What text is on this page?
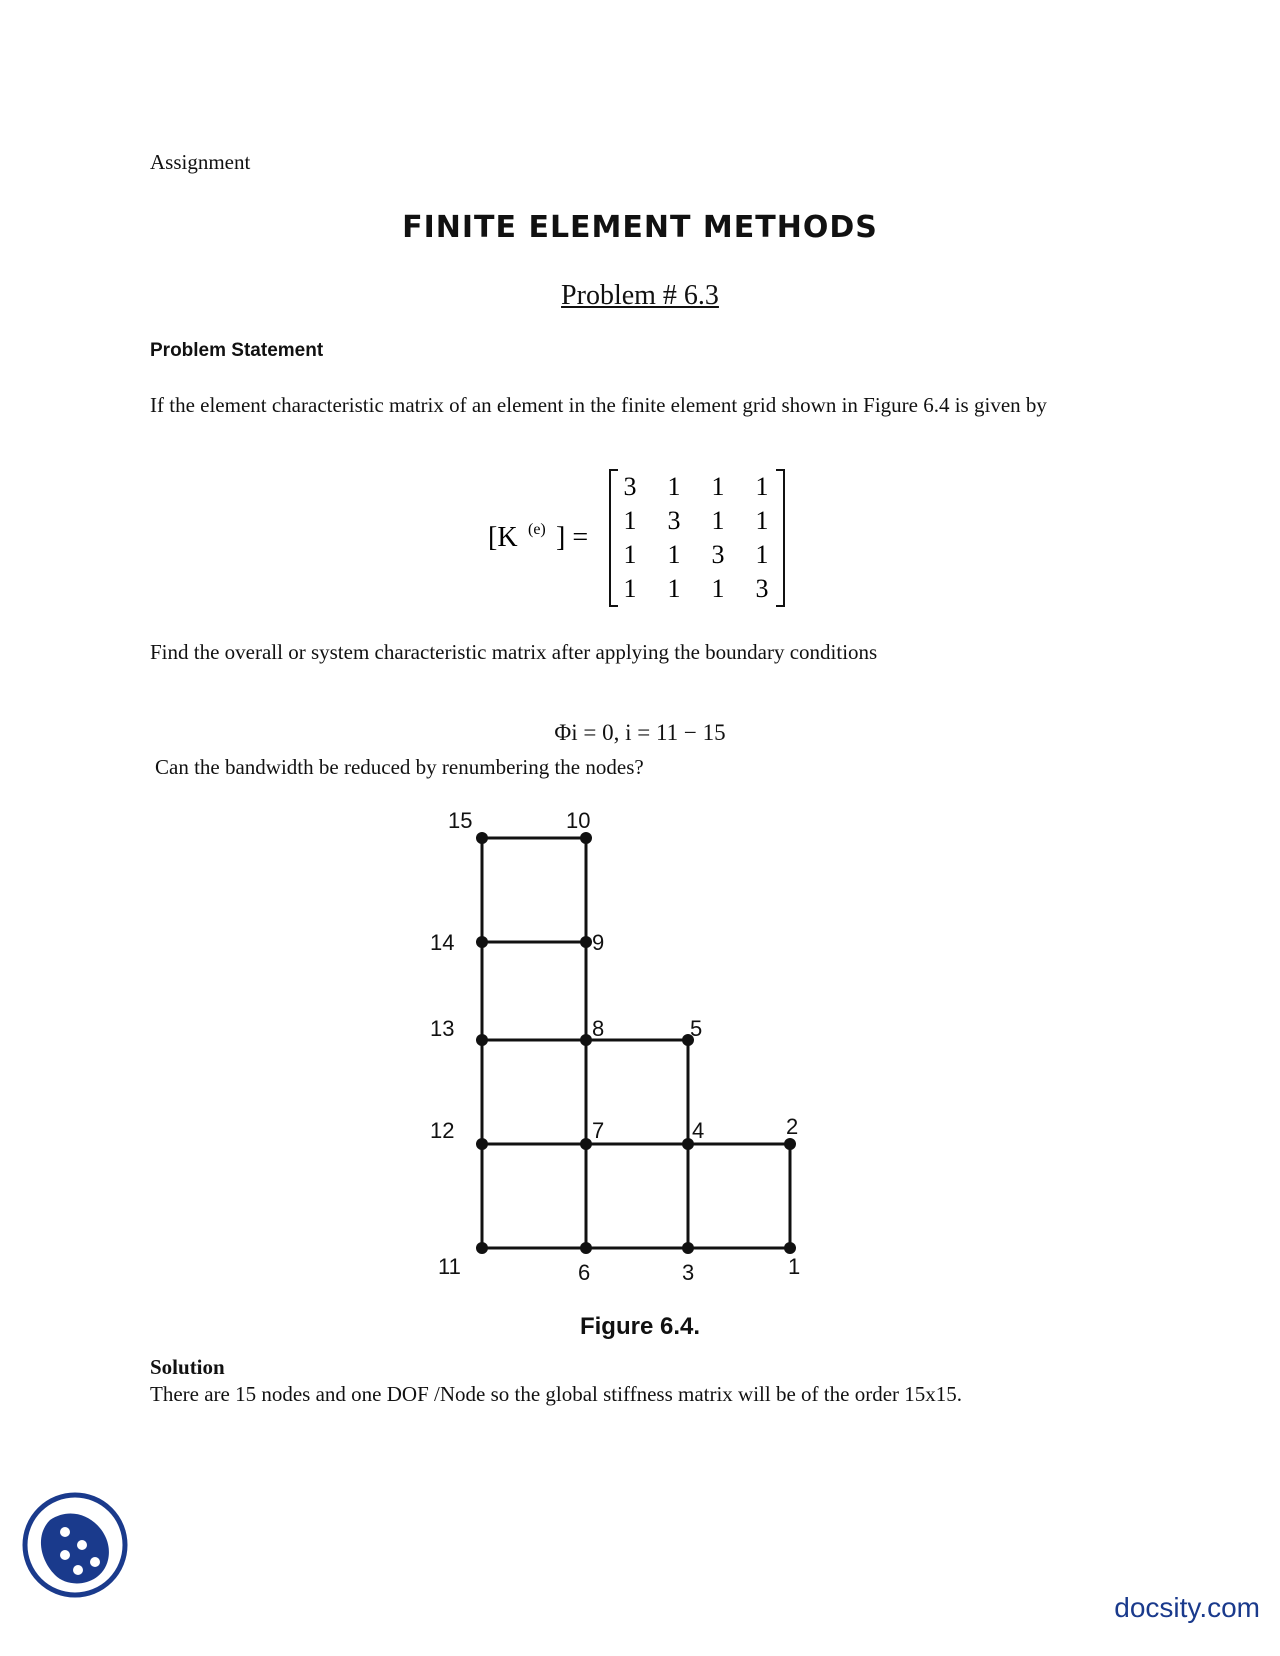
Assignment
FINITE ELEMENT METHODS
Problem # 6.3
Problem Statement
If the element characteristic matrix of an element in the finite element grid shown in Figure 6.4 is given by
[K (e) ] =
3 1 1 1
1 3 1 1
1 1 3 1
1 1 1 3
Find the overall or system characteristic matrix after applying the boundary conditions
Φi = 0, i = 11 − 15
Can the bandwidth be reduced by renumbering the nodes?
15	10
14	9
13	8	5
12	7	4	2
11	6	3	1
Figure 6.4.
Solution
There are 15 nodes and one DOF /Node so the global stiffness matrix will be of the order 15x15.
docsity.com
